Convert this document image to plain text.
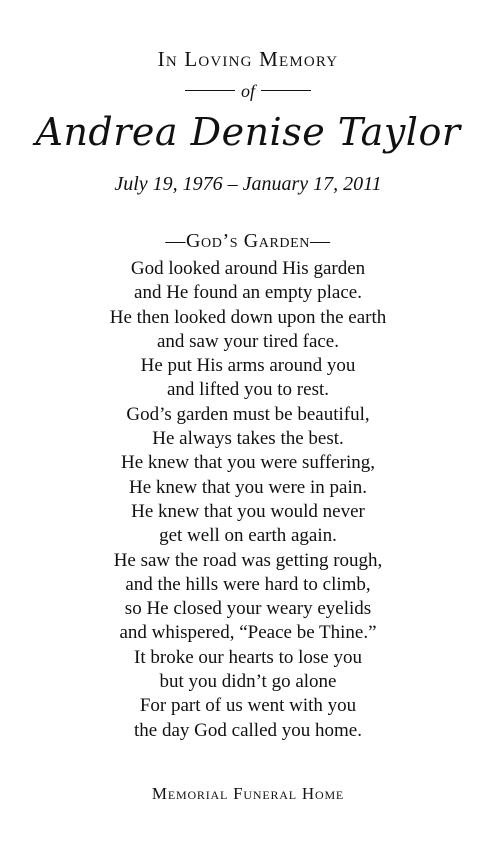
In Loving Memory
of
Andrea Denise Taylor
July 19, 1976 – January 17, 2011
—God’s Garden—
God looked around His garden
and He found an empty place.
He then looked down upon the earth
and saw your tired face.
He put His arms around you
and lifted you to rest.
God’s garden must be beautiful,
He always takes the best.
He knew that you were suffering,
He knew that you were in pain.
He knew that you would never
get well on earth again.
He saw the road was getting rough,
and the hills were hard to climb,
so He closed your weary eyelids
and whispered, “Peace be Thine.”
It broke our hearts to lose you
but you didn’t go alone
For part of us went with you
the day God called you home.
Memorial Funeral Home
